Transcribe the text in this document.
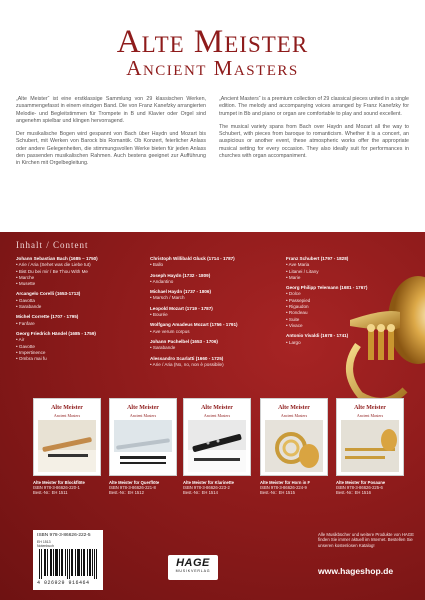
Alte Meister
Ancient Masters

„Alte Meister“ ist eine erstklassige Sammlung von 29 klassischen Werken, zusammengefasst in einem einzigen Band. Die von Franz Kanefzky arrangierten Melodie- und Begleitstimmen für Trompete in B und Klavier oder Orgel sind angenehm spielbar und klingen hervorragend.

Der musikalische Bogen wird gespannt von Bach über Haydn und Mozart bis Schubert, mit Werken von Barock bis Romantik. Ob Konzert, feierlicher Anlass oder andere Gelegenheiten, die stimmungsvollen Werke bieten für jeden Anlass den passenden musikalischen Rahmen. Auch bestens geeignet zur Aufführung in Kirchen mit Orgelbegleitung.

„Ancient Masters“ is a premium collection of 29 classical pieces united in a single edition. The melody and accompanying voices arranged by Franz Kanefzky for trumpet in Bb and piano or organ are comfortable to play and sound excellent.

The musical variety spans from Bach over Haydn and Mozart all the way to Schubert, with pieces from baroque to romanticism. Whether it is a concert, an auspicious or another event, these atmospheric works offer the appropriate musical setting for every occasion. They also ideally suit for performances in churches with organ accompaniment.

Inhalt / Content
Johann Sebastian Bach (1685 – 1750)
• Arie / Aria (Sehet was die Liebe tut)
• Bist Du bei mir / Be Thou With Me
• Marche
• Musette
Arcangelo Corelli (1653-1713)
• Gavotta
• Sarabande
Michel Corrette (1707 - 1795)
• Fanfare
Georg Friedrich Händel (1685 - 1759)
• Air
• Gavotte
• Impertinence
• Ombra mai fu
Christoph Willibald Gluck (1714 - 1787)
• Ballo
Joseph Haydn (1732 - 1809)
• Andantino
Michael Haydn (1737 - 1806)
• Marsch / March
Leopold Mozart (1719 - 1787)
• Bourée
Wolfgang Amadeus Mozart (1756 - 1791)
• Ave verum corpus
Johann Pachelbel (1653 - 1706)
• Sarabande
Alessandro Scarlatti (1660 - 1725)
• Arie / Aria (No, no, non è possibile)
Franz Schubert (1797 - 1828)
• Ave Maria
• Litanei / Litany
• Marie
Georg Philipp Telemann (1681 - 1767)
• Dolce
• Passepied
• Rigaudon
• Rondeau
• Suite
• Vivace
Antonio Vivaldi (1678 - 1741)
• Largo
Alte Meister
Ancient Masters
Alte Meister für Blockflöte
ISBN 978-3-86626-220-1
Best.-Nr.: EH 1511
Alte Meister
Ancient Masters
Alte Meister für Querflöte
ISBN 978-3-86626-221-8
Best.-Nr.: EH 1512
Alte Meister
Ancient Masters
Alte Meister für Klarinette
ISBN 978-3-86626-223-2
Best.-Nr.: EH 1514
Alte Meister
Ancient Masters
Alte Meister für Horn in F
ISBN 978-3-86626-224-9
Best.-Nr.: EH 1515
Alte Meister
Ancient Masters
Alte Meister für Posaune
ISBN 978-3-86626-225-6
Best.-Nr.: EH 1516
ISBN 978-3-86626-222-5
EH 1513
Notenbuch
4 026929 916464
HAGE
MUSIKVERLAG
Alle Musikbücher und weitere Produkte von HAGE finden Sie immer aktuell im Internet. Bestellen Sie unseren kostenlosen Katalog!
www.hageshop.de
